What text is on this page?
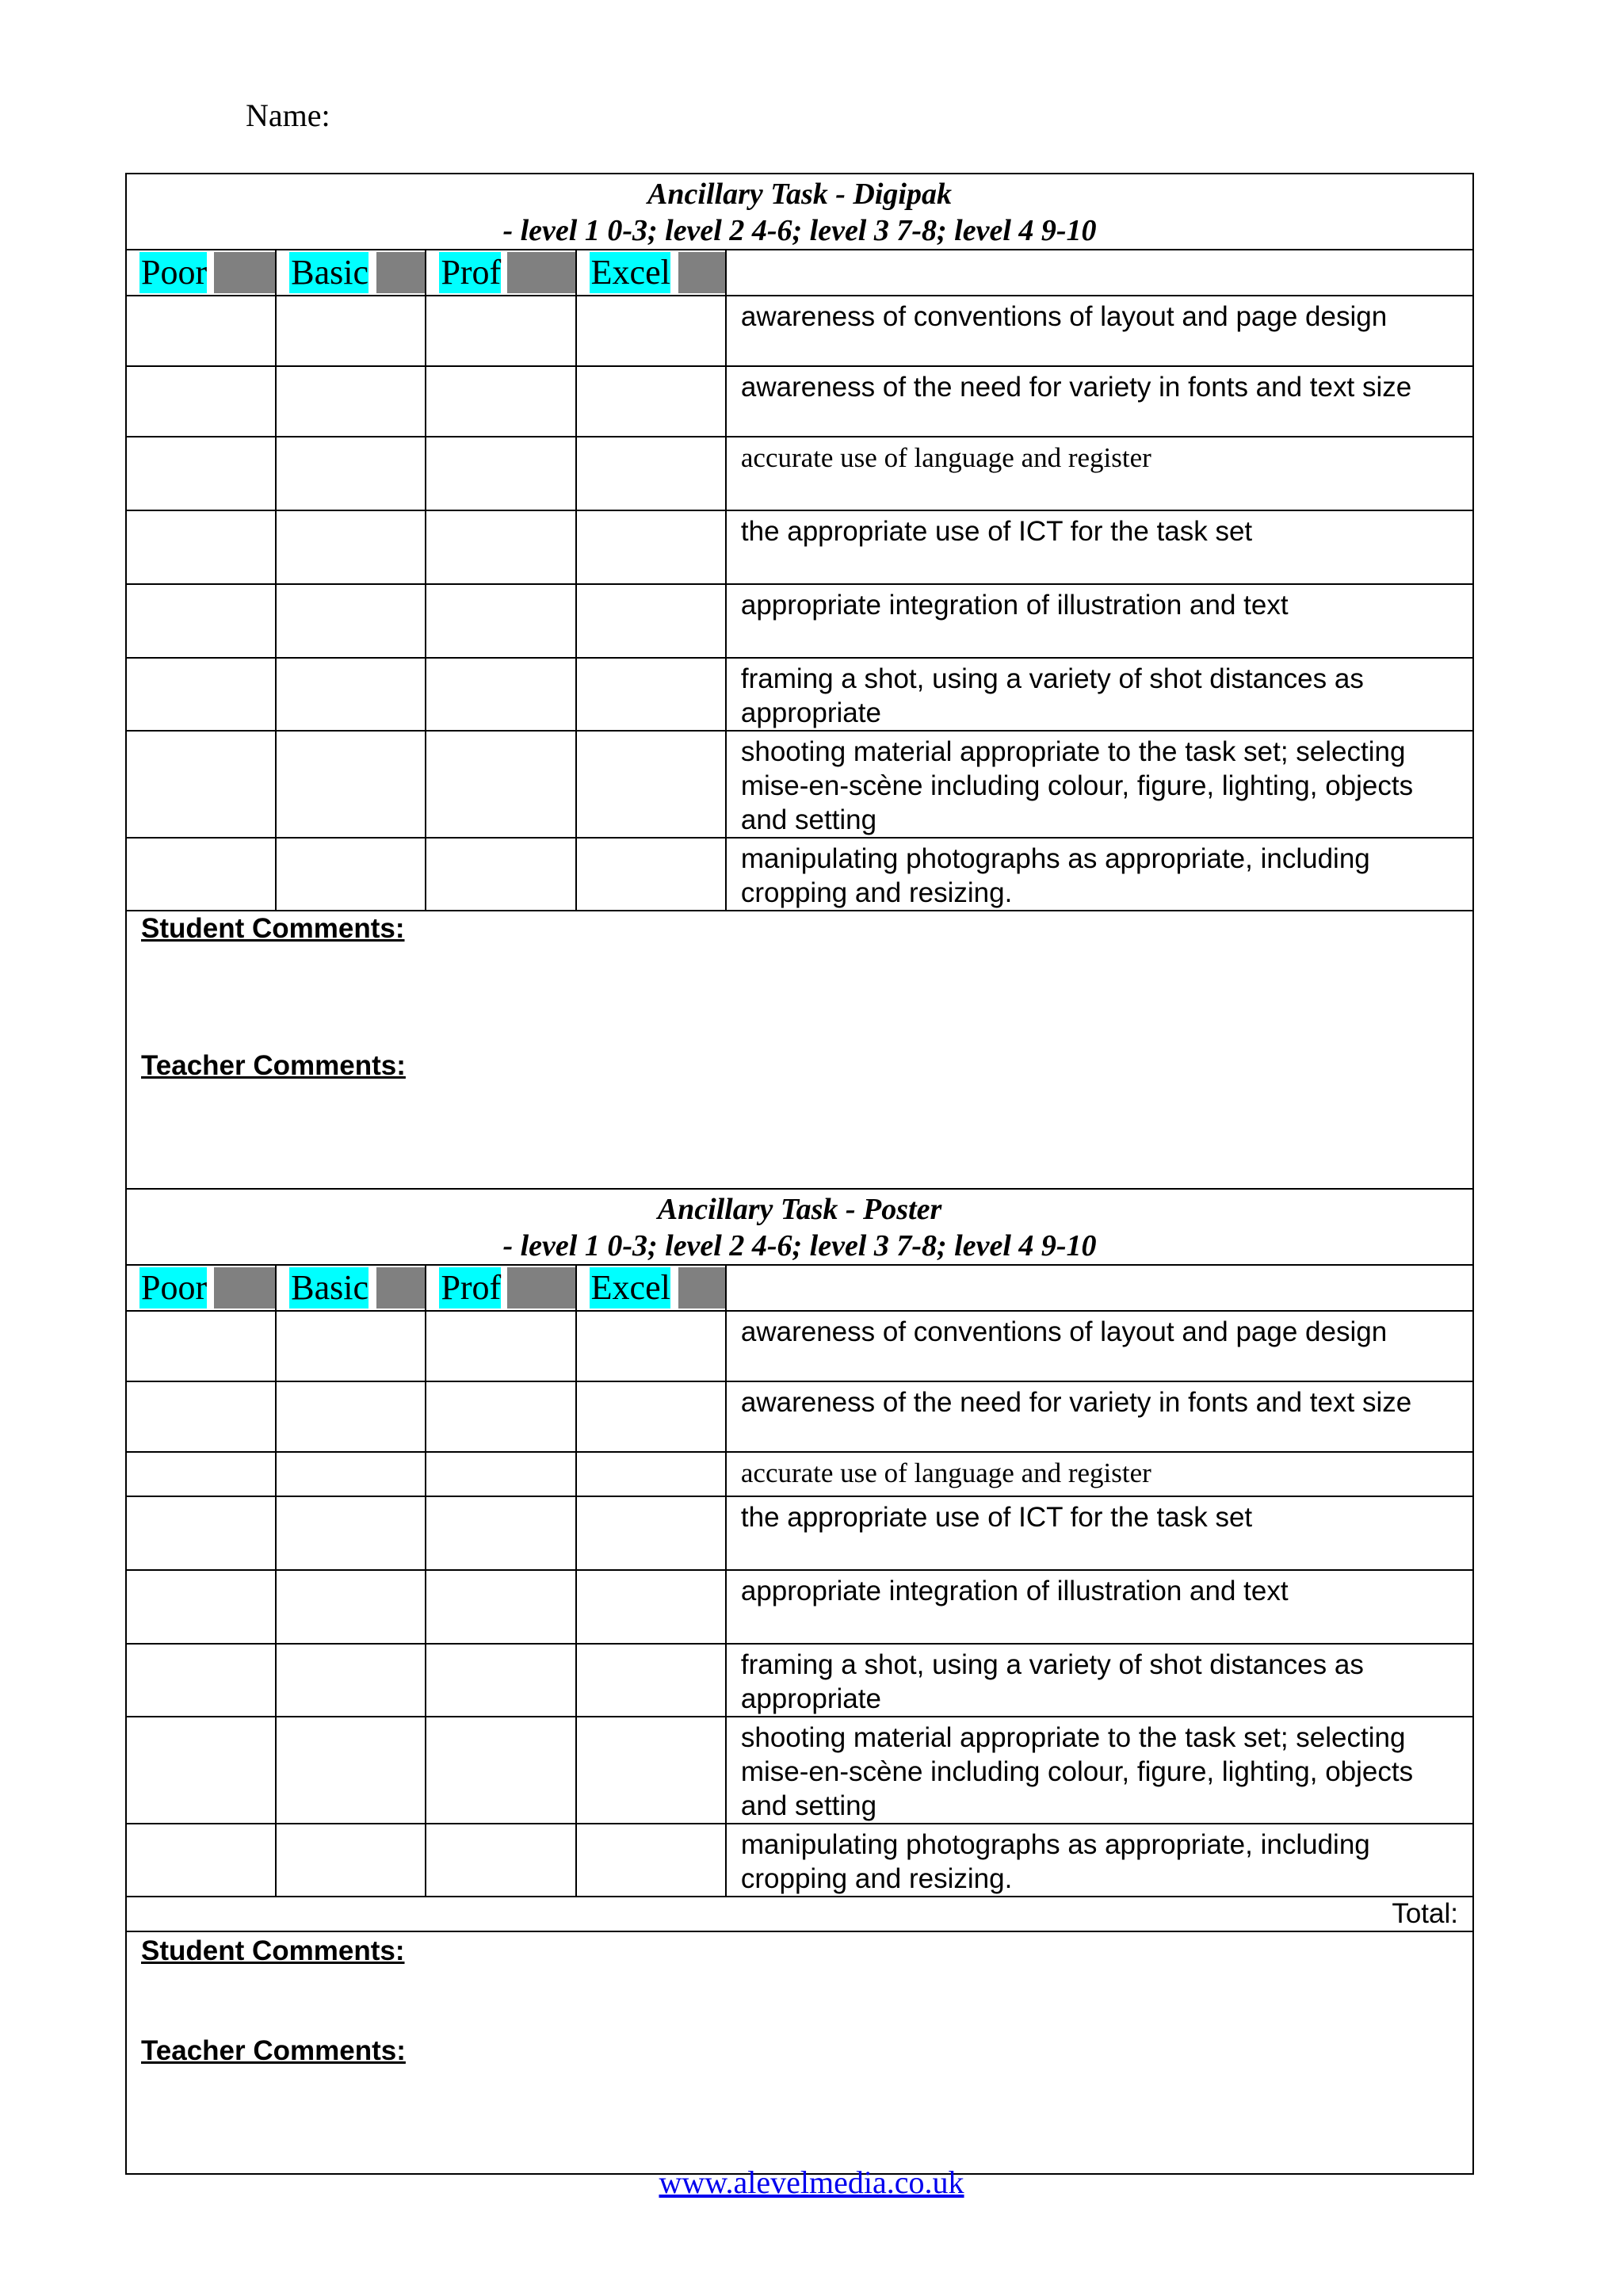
Name:
Ancillary Task - Digipak
- level 1 0-3; level 2 4-6; level 3 7-8; level 4 9-10				

Poor	Basic	Prof	Excel	

				awareness of conventions of layout and page design
				awareness of the need for variety in fonts and text size
				accurate use of language and register
				the appropriate use of ICT for the task set
				appropriate integration of illustration and text
				framing a shot, using a variety of shot distances as appropriate
				shooting material appropriate to the task set; selecting mise-en-scène including colour, figure, lighting, objects and setting
				manipulating photographs as appropriate, including cropping and resizing.

Student Comments:
Teacher Comments:				

Ancillary Task - Poster
- level 1 0-3; level 2 4-6; level 3 7-8; level 4 9-10				

Poor	Basic	Prof	Excel	

				awareness of conventions of layout and page design
				awareness of the need for variety in fonts and text size
				accurate use of language and register
				the appropriate use of ICT for the task set
				appropriate integration of illustration and text
				framing a shot, using a variety of shot distances as appropriate
				shooting material appropriate to the task set; selecting mise-en-scène including colour, figure, lighting, objects and setting
				manipulating photographs as appropriate, including cropping and resizing.
Total:				

Student Comments:
Teacher Comments:				
www.alevelmedia.co.uk
